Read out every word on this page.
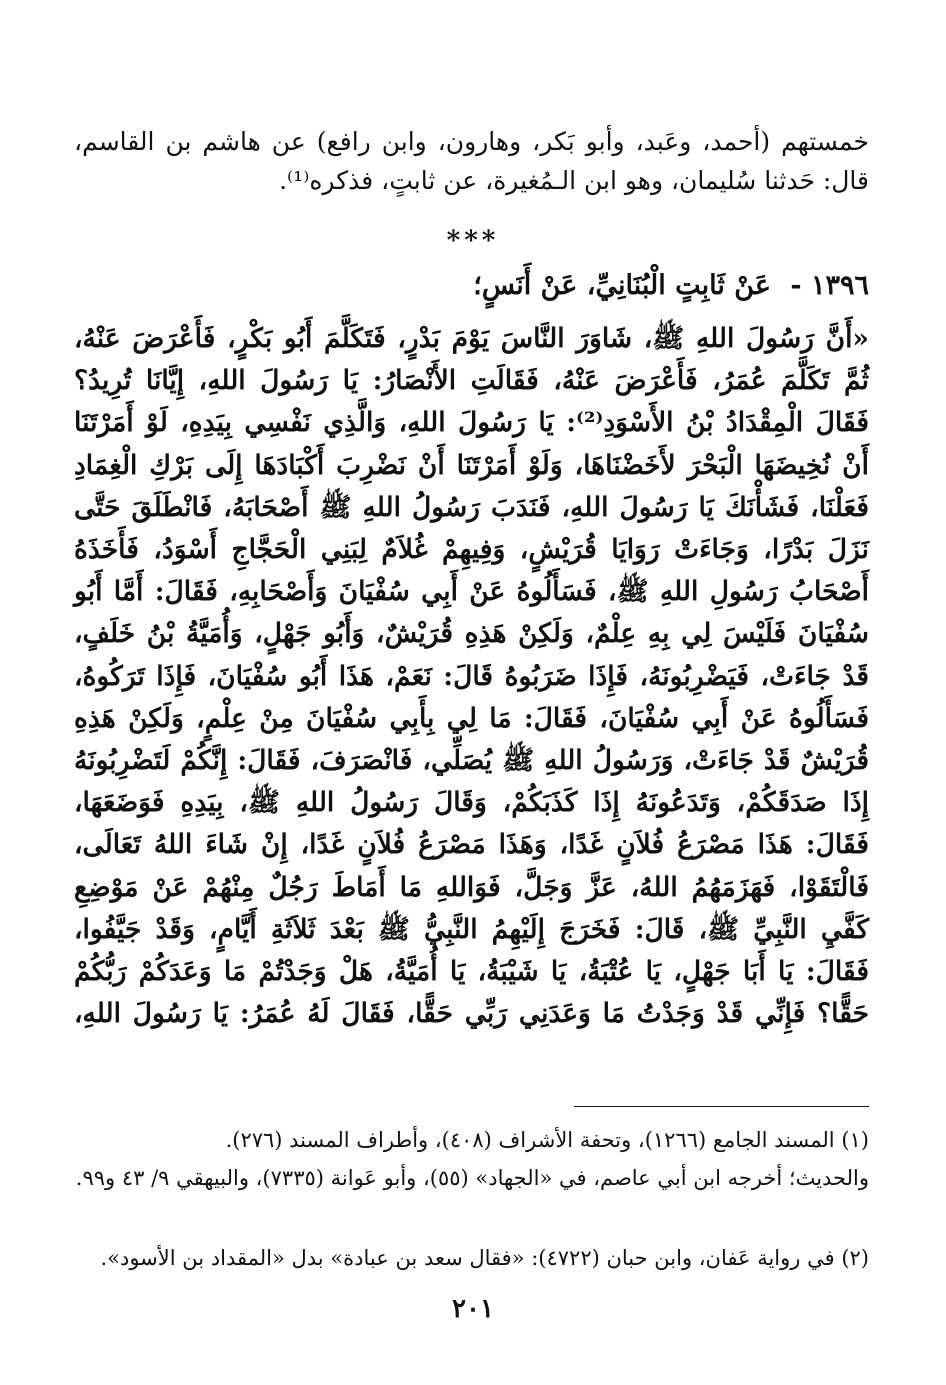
خمستهم (أحمد، وعَبد، وأبو بَكر، وهارون، وابن رافع) عن هاشم بن القاسم، قال: حَدثنا سُليمان، وهو ابن الـمُغيرة، عن ثابتٍ، فذكره⁽¹⁾.

***
١٣٩٦ - عَنْ ثَابِتٍ الْبُنَانِيِّ، عَنْ أَنَسٍ؛

«أَنَّ رَسُولَ اللهِ ﷺ، شَاوَرَ النَّاسَ يَوْمَ بَدْرٍ، فَتَكَلَّمَ أَبُو بَكْرٍ، فَأَعْرَضَ عَنْهُ، ثُمَّ تَكَلَّمَ عُمَرُ، فَأَعْرَضَ عَنْهُ، فَقَالَتِ الأَنْصَارُ: يَا رَسُولَ اللهِ، إِيَّانَا تُرِيدُ؟ فَقَالَ الْمِقْدَادُ بْنُ الأَسْوَدِ⁽²⁾: يَا رَسُولَ اللهِ، وَالَّذِي نَفْسِي بِيَدِهِ، لَوْ أَمَرْتَنَا أَنْ نُخِيضَهَا الْبَحْرَ لأَخَضْنَاهَا، وَلَوْ أَمَرْتَنَا أَنْ نَضْرِبَ أَكْبَادَهَا إِلَى بَرْكِ الْغِمَادِ فَعَلْنَا، فَشَأْنَكَ يَا رَسُولَ اللهِ، فَنَدَبَ رَسُولُ اللهِ ﷺ أَصْحَابَهُ، فَانْطَلَقَ حَتَّى نَزَلَ بَدْرًا، وَجَاءَتْ رَوَايَا قُرَيْشٍ، وَفِيهِمْ غُلاَمٌ لِبَنِي الْحَجَّاجِ أَسْوَدُ، فَأَخَذَهُ أَصْحَابُ رَسُولِ اللهِ ﷺ، فَسَأَلُوهُ عَنْ أَبِي سُفْيَانَ وَأَصْحَابِهِ، فَقَالَ: أَمَّا أَبُو سُفْيَانَ فَلَيْسَ لِي بِهِ عِلْمٌ، وَلَكِنْ هَذِهِ قُرَيْشٌ، وَأَبُو جَهْلٍ، وَأُمَيَّةُ بْنُ خَلَفٍ، قَدْ جَاءَتْ، فَيَضْرِبُونَهُ، فَإِذَا ضَرَبُوهُ قَالَ: نَعَمْ، هَذَا أَبُو سُفْيَانَ، فَإِذَا تَرَكُوهُ، فَسَأَلُوهُ عَنْ أَبِي سُفْيَانَ، فَقَالَ: مَا لِي بِأَبِي سُفْيَانَ مِنْ عِلْمٍ، وَلَكِنْ هَذِهِ قُرَيْشٌ قَدْ جَاءَتْ، وَرَسُولُ اللهِ ﷺ يُصَلِّي، فَانْصَرَفَ، فَقَالَ: إِنَّكُمْ لَتَضْرِبُونَهُ إِذَا صَدَقَكُمْ، وَتَدَعُونَهُ إِذَا كَذَبَكُمْ، وَقَالَ رَسُولُ اللهِ ﷺ، بِيَدِهِ فَوَضَعَهَا، فَقَالَ: هَذَا مَصْرَعُ فُلاَنٍ غَدًا، وَهَذَا مَصْرَعُ فُلاَنٍ غَدًا، إِنْ شَاءَ اللهُ تَعَالَى، فَالْتَقَوْا، فَهَزَمَهُمُ اللهُ، عَزَّ وَجَلَّ، فَوَاللهِ مَا أَمَاطَ رَجُلٌ مِنْهُمْ عَنْ مَوْضِعِ كَفَّيِ النَّبِيِّ ﷺ، قَالَ: فَخَرَجَ إِلَيْهِمُ النَّبِيُّ ﷺ بَعْدَ ثَلاَثَةِ أَيَّامٍ، وَقَدْ جَيَّفُوا، فَقَالَ: يَا أَبَا جَهْلٍ، يَا عُتْبَةُ، يَا شَيْبَةُ، يَا أُمَيَّةُ، هَلْ وَجَدْتُمْ مَا وَعَدَكُمْ رَبُّكُمْ حَقًّا؟ فَإِنِّي قَدْ وَجَدْتُ مَا وَعَدَنِي رَبِّي حَقًّا، فَقَالَ لَهُ عُمَرُ: يَا رَسُولَ اللهِ،

(١) المسند الجامع (١٢٦٦)، وتحفة الأشراف (٤٠٨)، وأطراف المسند (٢٧٦).

والحديث؛ أخرجه ابن أبي عاصم، في «الجهاد» (٥٥)، وأبو عَوانة (٧٣٣٥)، والبيهقي ٩/ ٤٣ و٩٩.

(٢) في رواية عَفان، وابن حبان (٤٧٢٢): «فقال سعد بن عبادة» بدل «المقداد بن الأسود».

٢٠١
